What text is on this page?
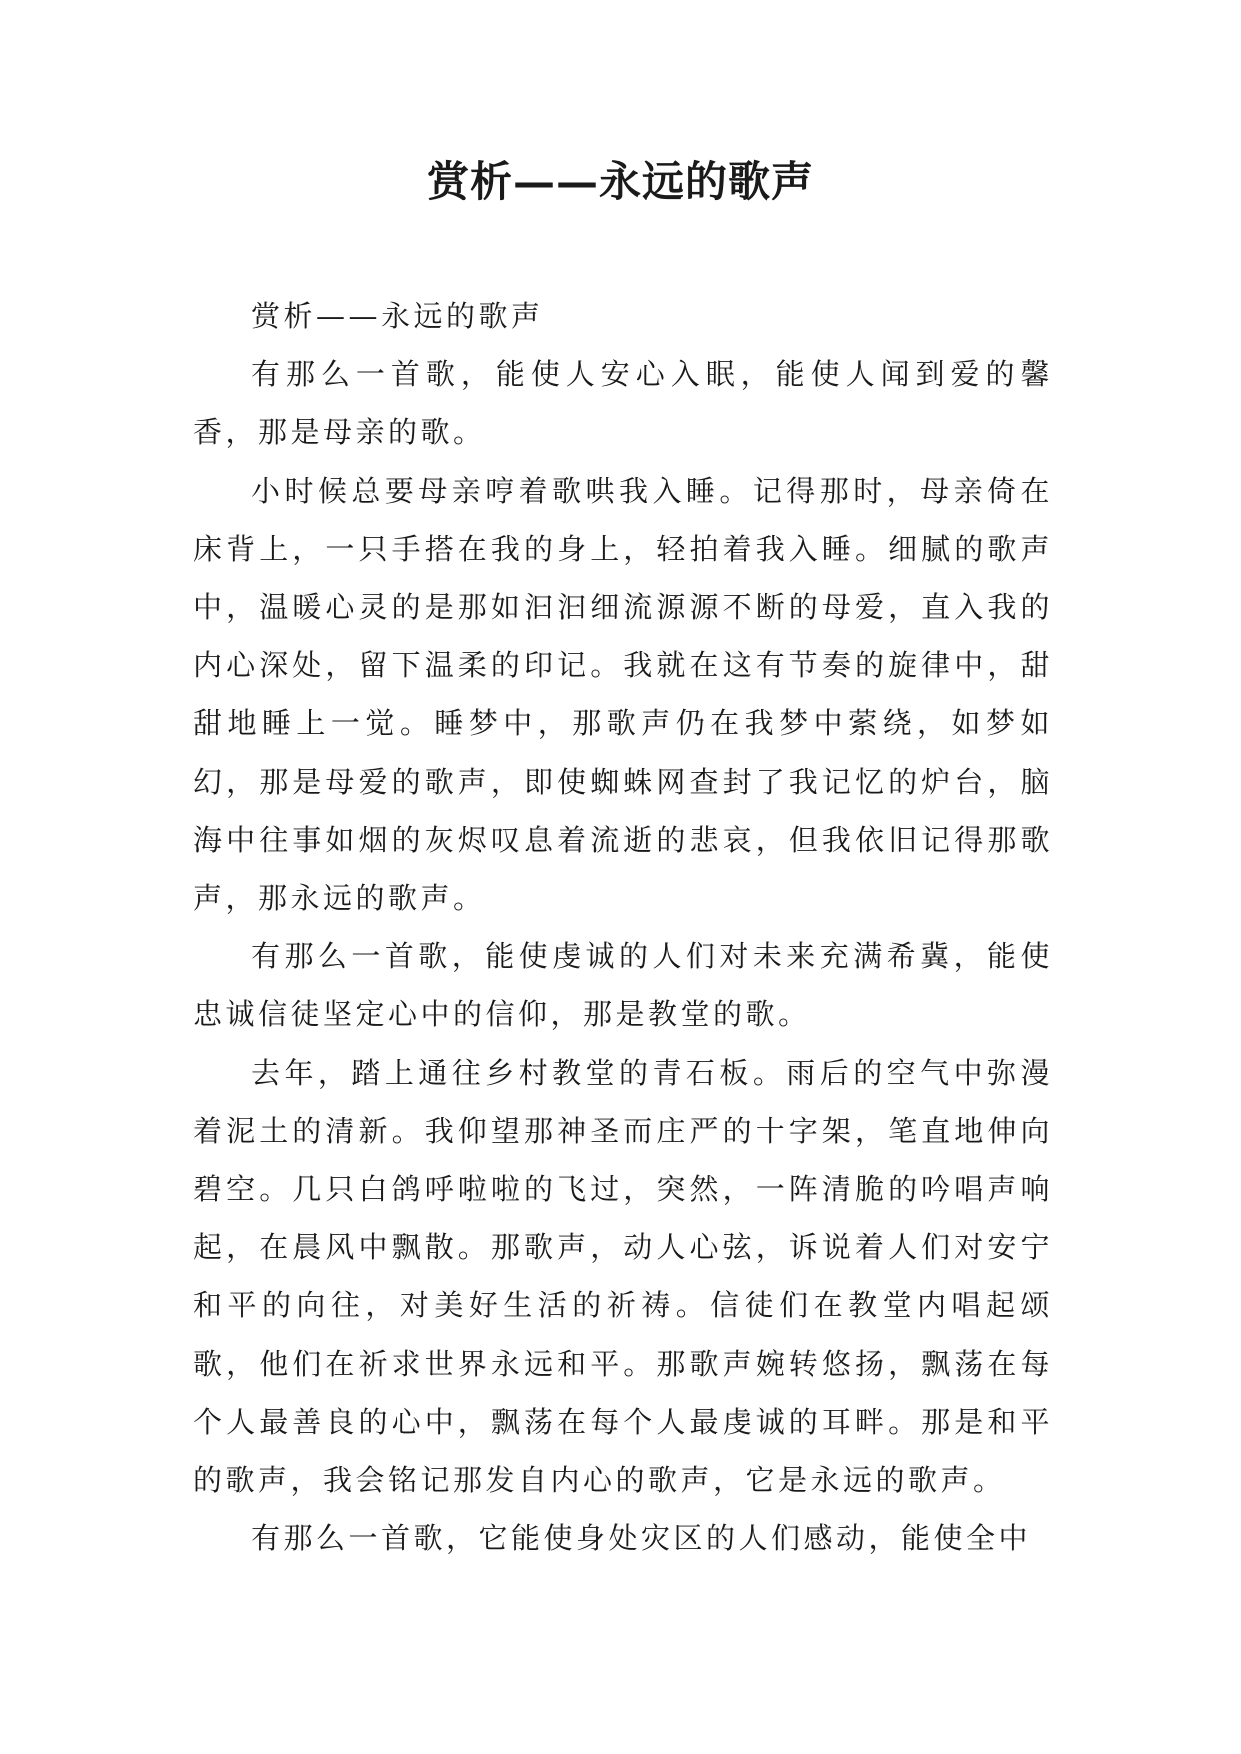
赏析——永远的歌声

赏析——永远的歌声

有那么一首歌，能使人安心入眠，能使人闻到爱的馨香，那是母亲的歌。

小时候总要母亲哼着歌哄我入睡。记得那时，母亲倚在床背上，一只手搭在我的身上，轻拍着我入睡。细腻的歌声中，温暖心灵的是那如汩汩细流源源不断的母爱，直入我的内心深处，留下温柔的印记。我就在这有节奏的旋律中，甜甜地睡上一觉。睡梦中，那歌声仍在我梦中萦绕，如梦如幻，那是母爱的歌声，即使蜘蛛网查封了我记忆的炉台，脑海中往事如烟的灰烬叹息着流逝的悲哀，但我依旧记得那歌声，那永远的歌声。

有那么一首歌，能使虔诚的人们对未来充满希冀，能使忠诚信徒坚定心中的信仰，那是教堂的歌。

去年，踏上通往乡村教堂的青石板。雨后的空气中弥漫着泥土的清新。我仰望那神圣而庄严的十字架，笔直地伸向碧空。几只白鸽呼啦啦的飞过，突然，一阵清脆的吟唱声响起，在晨风中飘散。那歌声，动人心弦，诉说着人们对安宁和平的向往，对美好生活的祈祷。信徒们在教堂内唱起颂歌，他们在祈求世界永远和平。那歌声婉转悠扬，飘荡在每个人最善良的心中，飘荡在每个人最虔诚的耳畔。那是和平的歌声，我会铭记那发自内心的歌声，它是永远的歌声。

有那么一首歌，它能使身处灾区的人们感动，能使全中
